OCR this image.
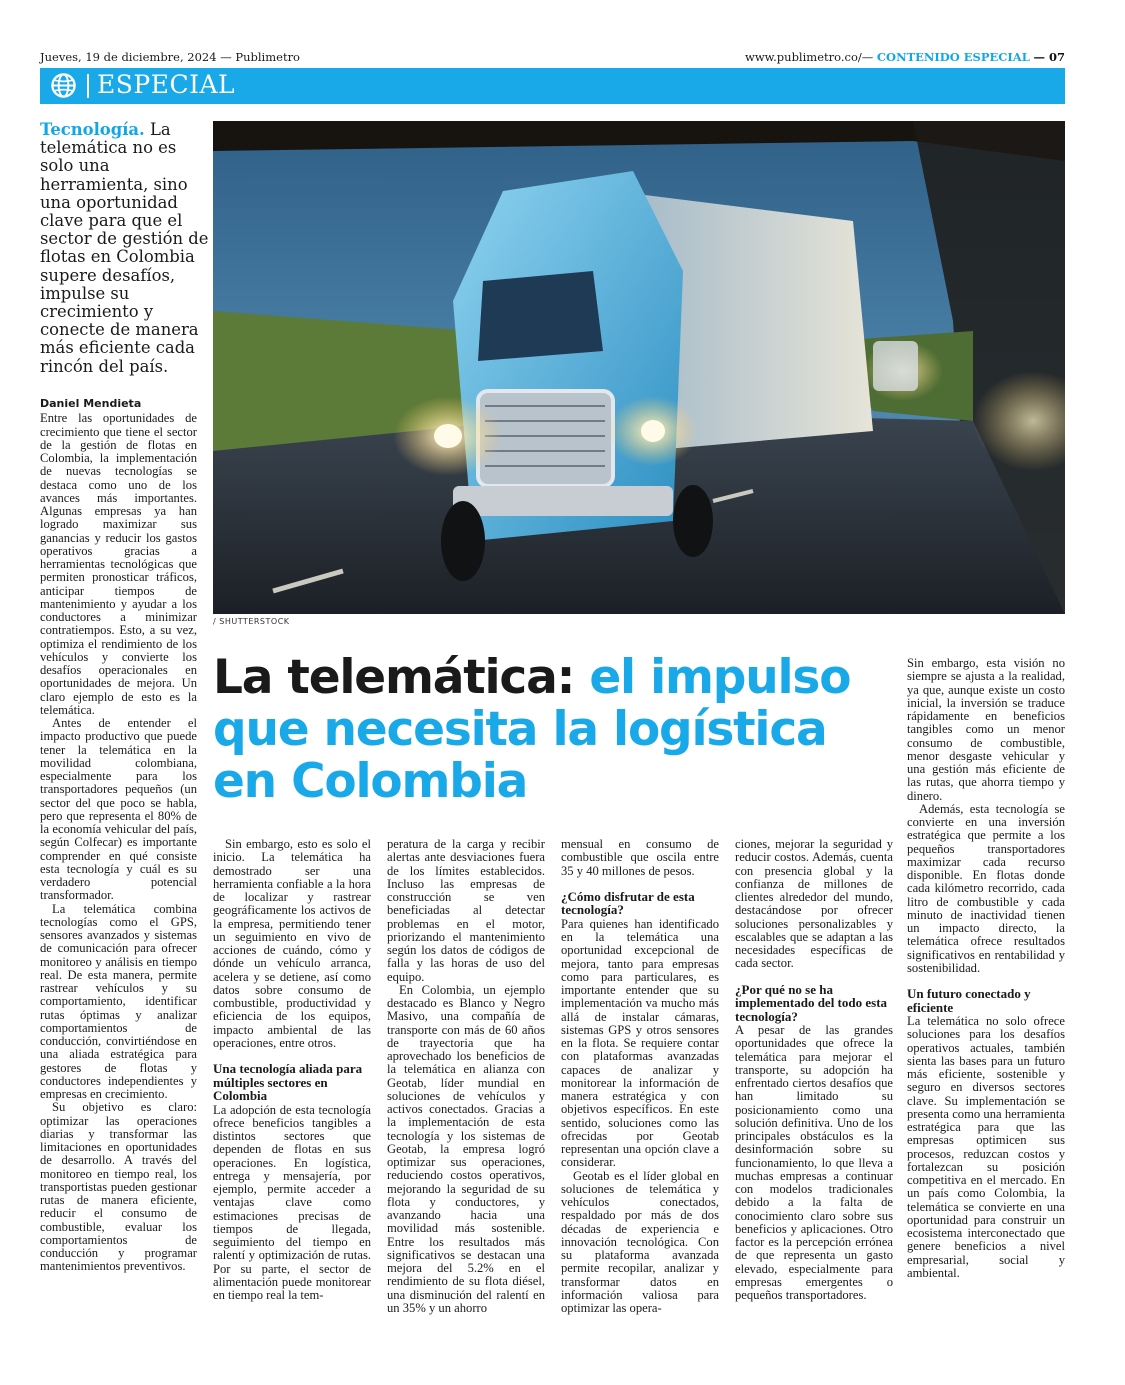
Jueves, 19 de diciembre, 2024 — Publimetro	www.publimetro.co/— CONTENIDO ESPECIAL — 07
ESPECIAL
Tecnología. La telemática no es solo una herramienta, sino una oportunidad clave para que el sector de gestión de flotas en Colombia supere desafíos, impulse su crecimiento y conecte de manera más eficiente cada rincón del país.
/ SHUTTERSTOCK
La telemática: el impulso que necesita la logística en Colombia
Daniel Mendieta

Entre las oportunidades de crecimiento que tiene el sector de la gestión de flotas en Colombia, la implementación de nuevas tecnologías se destaca como uno de los avances más importantes. Algunas empresas ya han logrado maximizar sus ganancias y reducir los gastos operativos gracias a herramientas tecnológicas que permiten pronosticar tráficos, anticipar tiempos de mantenimiento y ayudar a los conductores a minimizar contratiempos. Esto, a su vez, optimiza el rendimiento de los vehículos y convierte los desafíos operacionales en oportunidades de mejora. Un claro ejemplo de esto es la telemática.

Antes de entender el impacto productivo que puede tener la telemática en la movilidad colombiana, especialmente para los transportadores pequeños (un sector del que poco se habla, pero que representa el 80% de la economía vehicular del país, según Colfecar) es importante comprender en qué consiste esta tecnología y cuál es su verdadero potencial transformador.

La telemática combina tecnologías como el GPS, sensores avanzados y sistemas de comunicación para ofrecer monitoreo y análisis en tiempo real. De esta manera, permite rastrear vehículos y su comportamiento, identificar rutas óptimas y analizar comportamientos de conducción, convirtiéndose en una aliada estratégica para gestores de flotas y conductores independientes y empresas en crecimiento.

Su objetivo es claro: optimizar las operaciones diarias y transformar las limitaciones en oportunidades de desarrollo. A través del monitoreo en tiempo real, los transportistas pueden gestionar rutas de manera eficiente, reducir el consumo de combustible, evaluar los comportamientos de conducción y programar mantenimientos preventivos.

Sin embargo, esto es solo el inicio. La telemática ha demostrado ser una herramienta confiable a la hora de localizar y rastrear geográficamente los activos de la empresa, permitiendo tener un seguimiento en vivo de acciones de cuándo, cómo y dónde un vehículo arranca, acelera y se detiene, así como datos sobre consumo de combustible, productividad y eficiencia de los equipos, impacto ambiental de las operaciones, entre otros.

Una tecnología aliada para múltiples sectores en Colombia

La adopción de esta tecnología ofrece beneficios tangibles a distintos sectores que dependen de flotas en sus operaciones. En logística, entrega y mensajería, por ejemplo, permite acceder a ventajas clave como estimaciones precisas de tiempos de llegada, seguimiento del tiempo en ralentí y optimización de rutas. Por su parte, el sector de alimentación puede monitorear en tiempo real la tem-

peratura de la carga y recibir alertas ante desviaciones fuera de los límites establecidos. Incluso las empresas de construcción se ven beneficiadas al detectar problemas en el motor, priorizando el mantenimiento según los datos de códigos de falla y las horas de uso del equipo.

En Colombia, un ejemplo destacado es Blanco y Negro Masivo, una compañía de transporte con más de 60 años de trayectoria que ha aprovechado los beneficios de la telemática en alianza con Geotab, líder mundial en soluciones de vehículos y activos conectados. Gracias a la implementación de esta tecnología y los sistemas de Geotab, la empresa logró optimizar sus operaciones, reduciendo costos operativos, mejorando la seguridad de su flota y conductores, y avanzando hacia una movilidad más sostenible. Entre los resultados más significativos se destacan una mejora del 5.2% en el rendimiento de su flota diésel, una disminución del ralentí en un 35% y un ahorro

mensual en consumo de combustible que oscila entre 35 y 40 millones de pesos.

¿Cómo disfrutar de esta tecnología?

Para quienes han identificado en la telemática una oportunidad excepcional de mejora, tanto para empresas como para particulares, es importante entender que su implementación va mucho más allá de instalar cámaras, sistemas GPS y otros sensores en la flota. Se requiere contar con plataformas avanzadas capaces de analizar y monitorear la información de manera estratégica y con objetivos específicos. En este sentido, soluciones como las ofrecidas por Geotab representan una opción clave a considerar.

Geotab es el líder global en soluciones de telemática y vehículos conectados, respaldado por más de dos décadas de experiencia e innovación tecnológica. Con su plataforma avanzada permite recopilar, analizar y transformar datos en información valiosa para optimizar las opera-

ciones, mejorar la seguridad y reducir costos. Además, cuenta con presencia global y la confianza de millones de clientes alrededor del mundo, destacándose por ofrecer soluciones personalizables y escalables que se adaptan a las necesidades específicas de cada sector.

¿Por qué no se ha implementado del todo esta tecnología?

A pesar de las grandes oportunidades que ofrece la telemática para mejorar el transporte, su adopción ha enfrentado ciertos desafíos que han limitado su posicionamiento como una solución definitiva. Uno de los principales obstáculos es la desinformación sobre su funcionamiento, lo que lleva a muchas empresas a continuar con modelos tradicionales debido a la falta de conocimiento claro sobre sus beneficios y aplicaciones. Otro factor es la percepción errónea de que representa un gasto elevado, especialmente para empresas emergentes o pequeños transportadores.

Sin embargo, esta visión no siempre se ajusta a la realidad, ya que, aunque existe un costo inicial, la inversión se traduce rápidamente en beneficios tangibles como un menor consumo de combustible, menor desgaste vehicular y una gestión más eficiente de las rutas, que ahorra tiempo y dinero.

Además, esta tecnología se convierte en una inversión estratégica que permite a los pequeños transportadores maximizar cada recurso disponible. En flotas donde cada kilómetro recorrido, cada litro de combustible y cada minuto de inactividad tienen un impacto directo, la telemática ofrece resultados significativos en rentabilidad y sostenibilidad.

Un futuro conectado y eficiente

La telemática no solo ofrece soluciones para los desafíos operativos actuales, también sienta las bases para un futuro más eficiente, sostenible y seguro en diversos sectores clave. Su implementación se presenta como una herramienta estratégica para que las empresas optimicen sus procesos, reduzcan costos y fortalezcan su posición competitiva en el mercado. En un país como Colombia, la telemática se convierte en una oportunidad para construir un ecosistema interconectado que genere beneficios a nivel empresarial, social y ambiental.
